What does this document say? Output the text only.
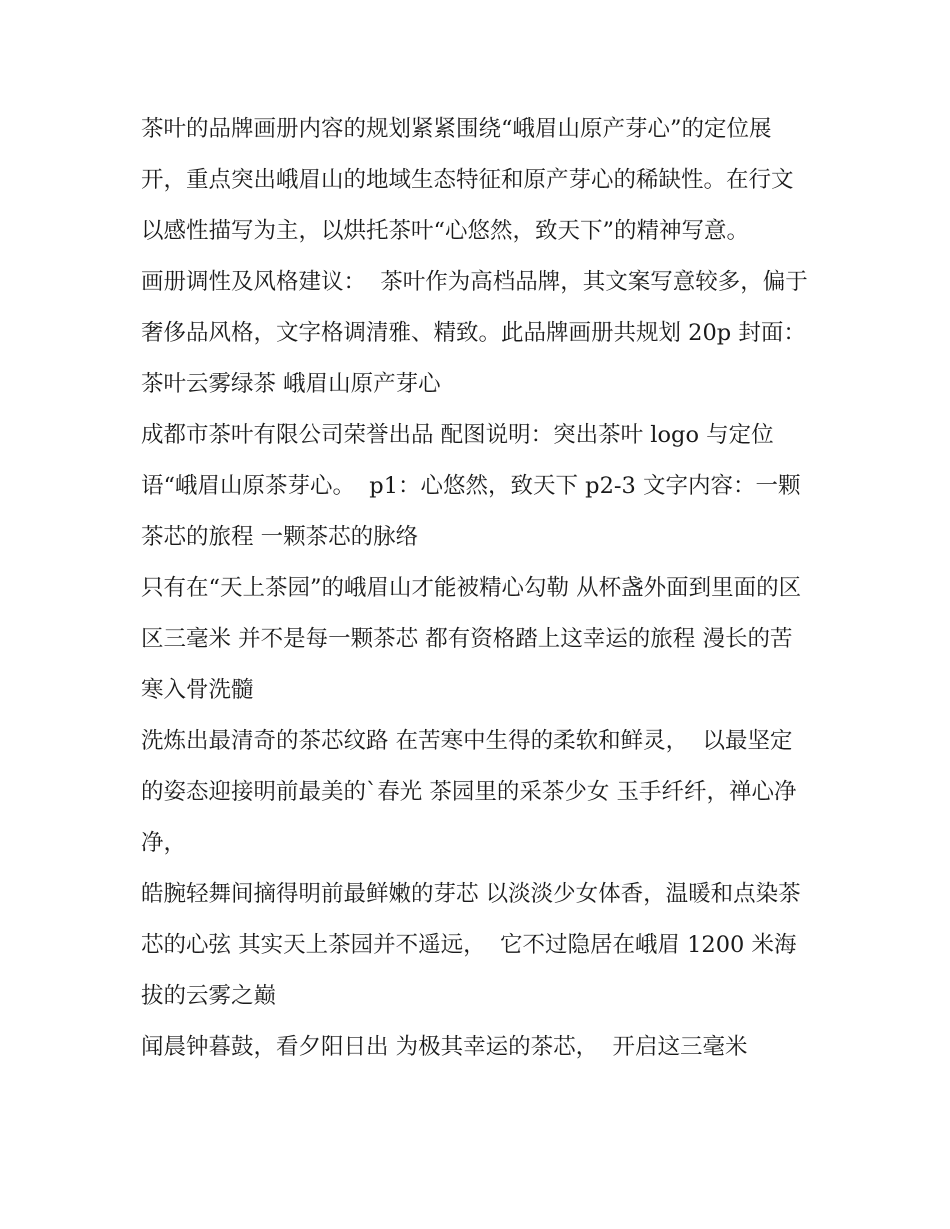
茶叶的品牌画册内容的规划紧紧围绕“峨眉山原产芽心”的定位展开，重点突出峨眉山的地域生态特征和原产芽心的稀缺性。在行文以感性描写为主，以烘托茶叶“心悠然，致天下”的精神写意。

画册调性及风格建议：  茶叶作为高档品牌，其文案写意较多，偏于奢侈品风格，文字格调清雅、精致。此品牌画册共规划 20p 封面：  茶叶云雾绿茶 峨眉山原产芽心

成都市茶叶有限公司荣誉出品 配图说明：突出茶叶 logo 与定位语“峨眉山原茶芽心。  p1：心悠然，致天下 p2-3 文字内容：一颗茶芯的旅程 一颗茶芯的脉络

只有在“天上茶园”的峨眉山才能被精心勾勒 从杯盏外面到里面的区区三毫米 并不是每一颗茶芯 都有资格踏上这幸运的旅程 漫长的苦寒入骨洗髓

洗炼出最清奇的茶芯纹路 在苦寒中生得的柔软和鲜灵，  以最坚定的姿态迎接明前最美的`春光 茶园里的采茶少女 玉手纤纤，禅心净净，

皓腕轻舞间摘得明前最鲜嫩的芽芯 以淡淡少女体香，温暖和点染茶芯的心弦 其实天上茶园并不遥远，  它不过隐居在峨眉 1200 米海拔的云雾之巅

闻晨钟暮鼓，看夕阳日出 为极其幸运的茶芯，  开启这三毫米
